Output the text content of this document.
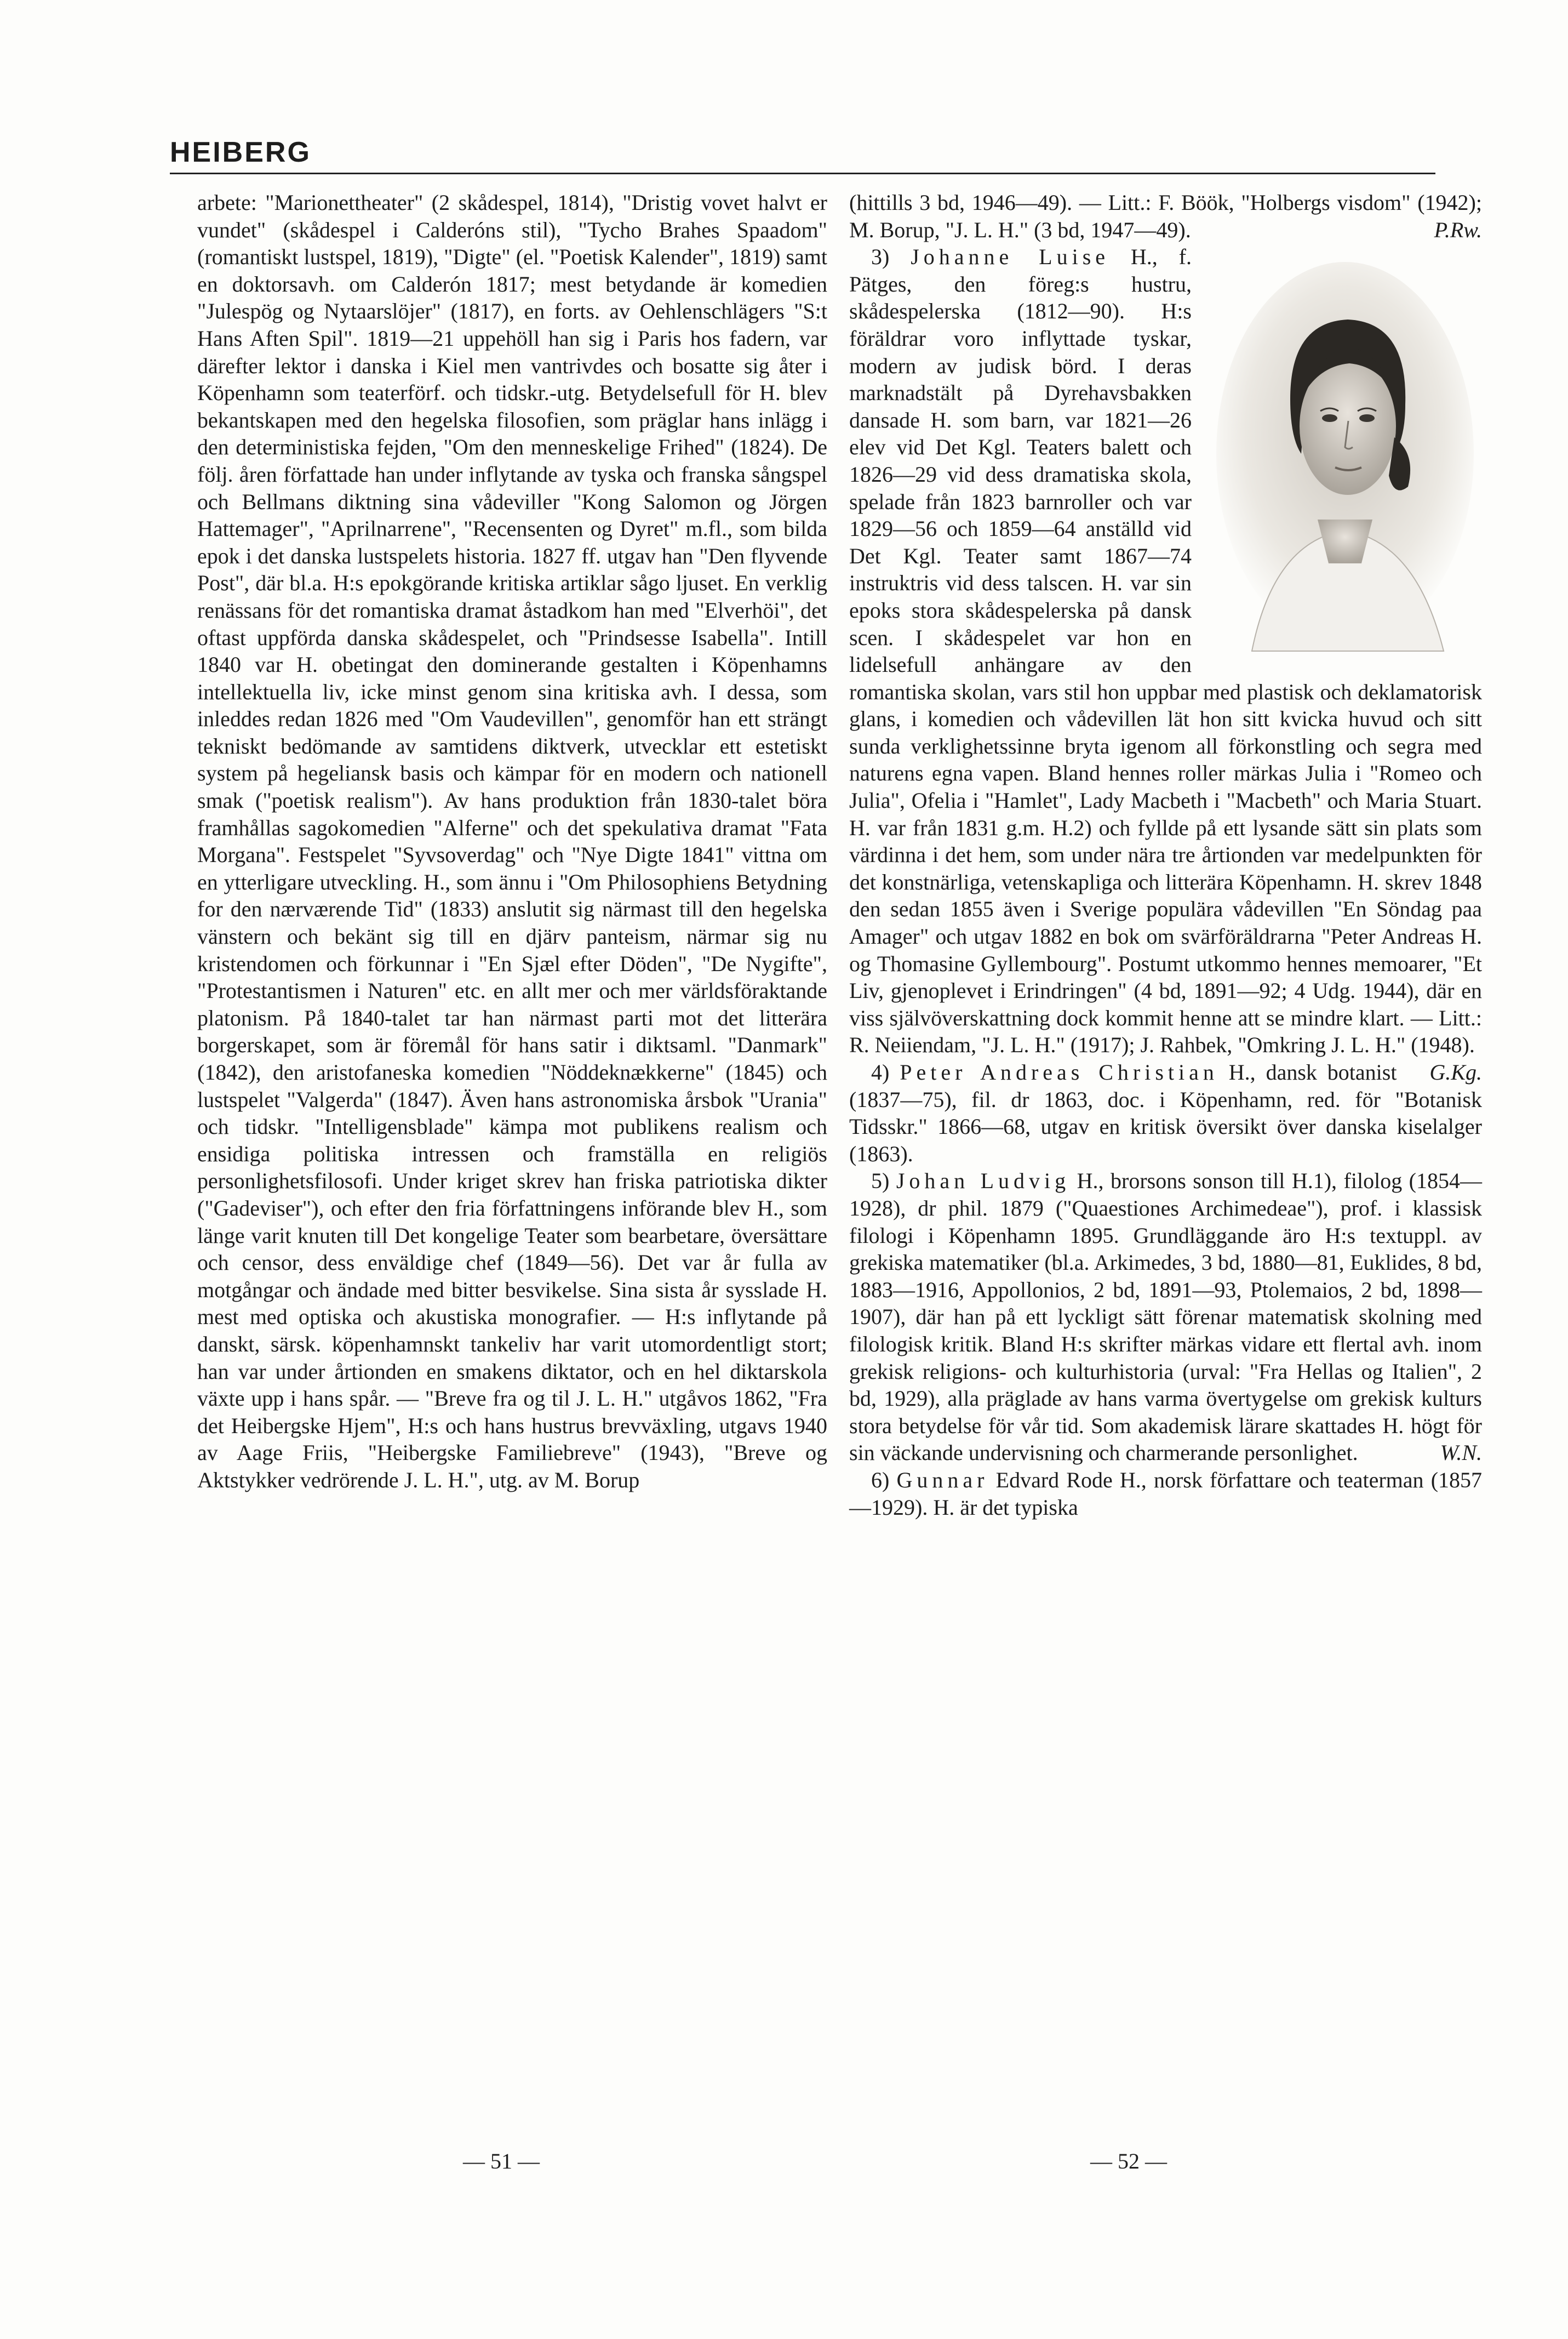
HEIBERG

arbete: "Marionettheater" (2 skådespel, 1814), "Dristig vovet halvt er vundet" (skådespel i Calderóns stil), "Tycho Brahes Spaadom" (romantiskt lustspel, 1819), "Digte" (el. "Poetisk Kalender", 1819) samt en doktorsavh. om Calderón 1817; mest betydande är komedien "Julespög og Nytaarslöjer" (1817), en forts. av Oehlenschlägers "S:t Hans Aften Spil". 1819—21 uppehöll han sig i Paris hos fadern, var därefter lektor i danska i Kiel men vantrivdes och bosatte sig åter i Köpenhamn som teaterförf. och tidskr.-utg. Betydelsefull för H. blev bekantskapen med den hegelska filosofien, som präglar hans inlägg i den deterministiska fejden, "Om den menneskelige Frihed" (1824). De följ. åren författade han under inflytande av tyska och franska sångspel och Bellmans diktning sina vådeviller "Kong Salomon og Jörgen Hattemager", "Aprilnarrene", "Recensenten og Dyret" m.fl., som bilda epok i det danska lustspelets historia. 1827 ff. utgav han "Den flyvende Post", där bl.a. H:s epokgörande kritiska artiklar sågo ljuset. En verklig renässans för det romantiska dramat åstadkom han med "Elverhöi", det oftast uppförda danska skådespelet, och "Prindsesse Isabella". Intill 1840 var H. obetingat den dominerande gestalten i Köpenhamns intellektuella liv, icke minst genom sina kritiska avh. I dessa, som inleddes redan 1826 med "Om Vaudevillen", genomför han ett strängt tekniskt bedömande av samtidens diktverk, utvecklar ett estetiskt system på hegeliansk basis och kämpar för en modern och nationell smak ("poetisk realism"). Av hans produktion från 1830-talet böra framhållas sagokomedien "Alferne" och det spekulativa dramat "Fata Morgana". Festspelet "Syvsoverdag" och "Nye Digte 1841" vittna om en ytterligare utveckling. H., som ännu i "Om Philosophiens Betydning for den nærværende Tid" (1833) anslutit sig närmast till den hegelska vänstern och bekänt sig till en djärv panteism, närmar sig nu kristendomen och förkunnar i "En Sjæl efter Döden", "De Nygifte", "Protestantismen i Naturen" etc. en allt mer och mer världsföraktande platonism. På 1840-talet tar han närmast parti mot det litterära borgerskapet, som är föremål för hans satir i diktsaml. "Danmark" (1842), den aristofaneska komedien "Nöddeknækkerne" (1845) och lustspelet "Valgerda" (1847). Även hans astronomiska årsbok "Urania" och tidskr. "Intelligensblade" kämpa mot publikens realism och ensidiga politiska intressen och framställa en religiös personlighetsfilosofi. Under kriget skrev han friska patriotiska dikter ("Gadeviser"), och efter den fria författningens införande blev H., som länge varit knuten till Det kongelige Teater som bearbetare, översättare och censor, dess enväldige chef (1849—56). Det var år fulla av motgångar och ändade med bitter besvikelse. Sina sista år sysslade H. mest med optiska och akustiska monografier. — H:s inflytande på danskt, särsk. köpenhamnskt tankeliv har varit utomordentligt stort; han var under årtionden en smakens diktator, och en hel diktarskola växte upp i hans spår. — "Breve fra og til J. L. H." utgåvos 1862, "Fra det Heibergske Hjem", H:s och hans hustrus brevväxling, utgavs 1940 av Aage Friis, "Heibergske Familiebreve" (1943), "Breve og Aktstykker vedrörende J. L. H.", utg. av M. Borup

(hittills 3 bd, 1946—49). — Litt.: F. Böök, "Holbergs visdom" (1942); M. Borup, "J. L. H." (3 bd, 1947—49).	P.Rw.

3) Johanne Luise H., f. Pätges, den föreg:s hustru, skådespelerska (1812—90). H:s föräldrar voro inflyttade tyskar, modern av judisk börd. I deras marknadstält på Dyrehavsbakken dansade H. som barn, var 1821—26 elev vid Det Kgl. Teaters balett och 1826—29 vid dess dramatiska skola, spelade från 1823 barnroller och var 1829—56 och 1859—64 anställd vid Det Kgl. Teater samt 1867—74 instruktris vid dess talscen. H. var sin epoks stora skådespelerska på dansk scen. I skådespelet var hon en lidelsefull anhängare av den romantiska skolan, vars stil hon uppbar med plastisk och deklamatorisk glans, i komedien och vådevillen lät hon sitt kvicka huvud och sitt sunda verklighetssinne bryta igenom all förkonstling och segra med naturens egna vapen. Bland hennes roller märkas Julia i "Romeo och Julia", Ofelia i "Hamlet", Lady Macbeth i "Macbeth" och Maria Stuart. H. var från 1831 g.m. H.2) och fyllde på ett lysande sätt sin plats som värdinna i det hem, som under nära tre årtionden var medelpunkten för det konstnärliga, vetenskapliga och litterära Köpenhamn. H. skrev 1848 den sedan 1855 även i Sverige populära vådevillen "En Söndag paa Amager" och utgav 1882 en bok om svärföräldrarna "Peter Andreas H. og Thomasine Gyllembourg". Postumt utkommo hennes memoarer, "Et Liv, gjenoplevet i Erindringen" (4 bd, 1891—92; 4 Udg. 1944), där en viss självöverskattning dock kommit henne att se mindre klart. — Litt.: R. Neiiendam, "J. L. H." (1917); J. Rahbek, "Omkring J. L. H." (1948).
G.Kg.

4) Peter Andreas Christian H., dansk botanist (1837—75), fil. dr 1863, doc. i Köpenhamn, red. för "Botanisk Tidsskr." 1866—68, utgav en kritisk översikt över danska kiselalger (1863).

5) Johan Ludvig H., brorsons sonson till H.1), filolog (1854—1928), dr phil. 1879 ("Quaestiones Archimedeae"), prof. i klassisk filologi i Köpenhamn 1895. Grundläggande äro H:s textuppl. av grekiska matematiker (bl.a. Arkimedes, 3 bd, 1880—81, Euklides, 8 bd, 1883—1916, Appollonios, 2 bd, 1891—93, Ptolemaios, 2 bd, 1898—1907), där han på ett lyckligt sätt förenar matematisk skolning med filologisk kritik. Bland H:s skrifter märkas vidare ett flertal avh. inom grekisk religions- och kulturhistoria (urval: "Fra Hellas og Italien", 2 bd, 1929), alla präglade av hans varma övertygelse om grekisk kulturs stora betydelse för vår tid. Som akademisk lärare skattades H. högt för sin väckande undervisning och charmerande personlighet.	W.N.

6) Gunnar Edvard Rode H., norsk författare och teaterman (1857—1929). H. är det typiska

— 51 —	— 52 —
